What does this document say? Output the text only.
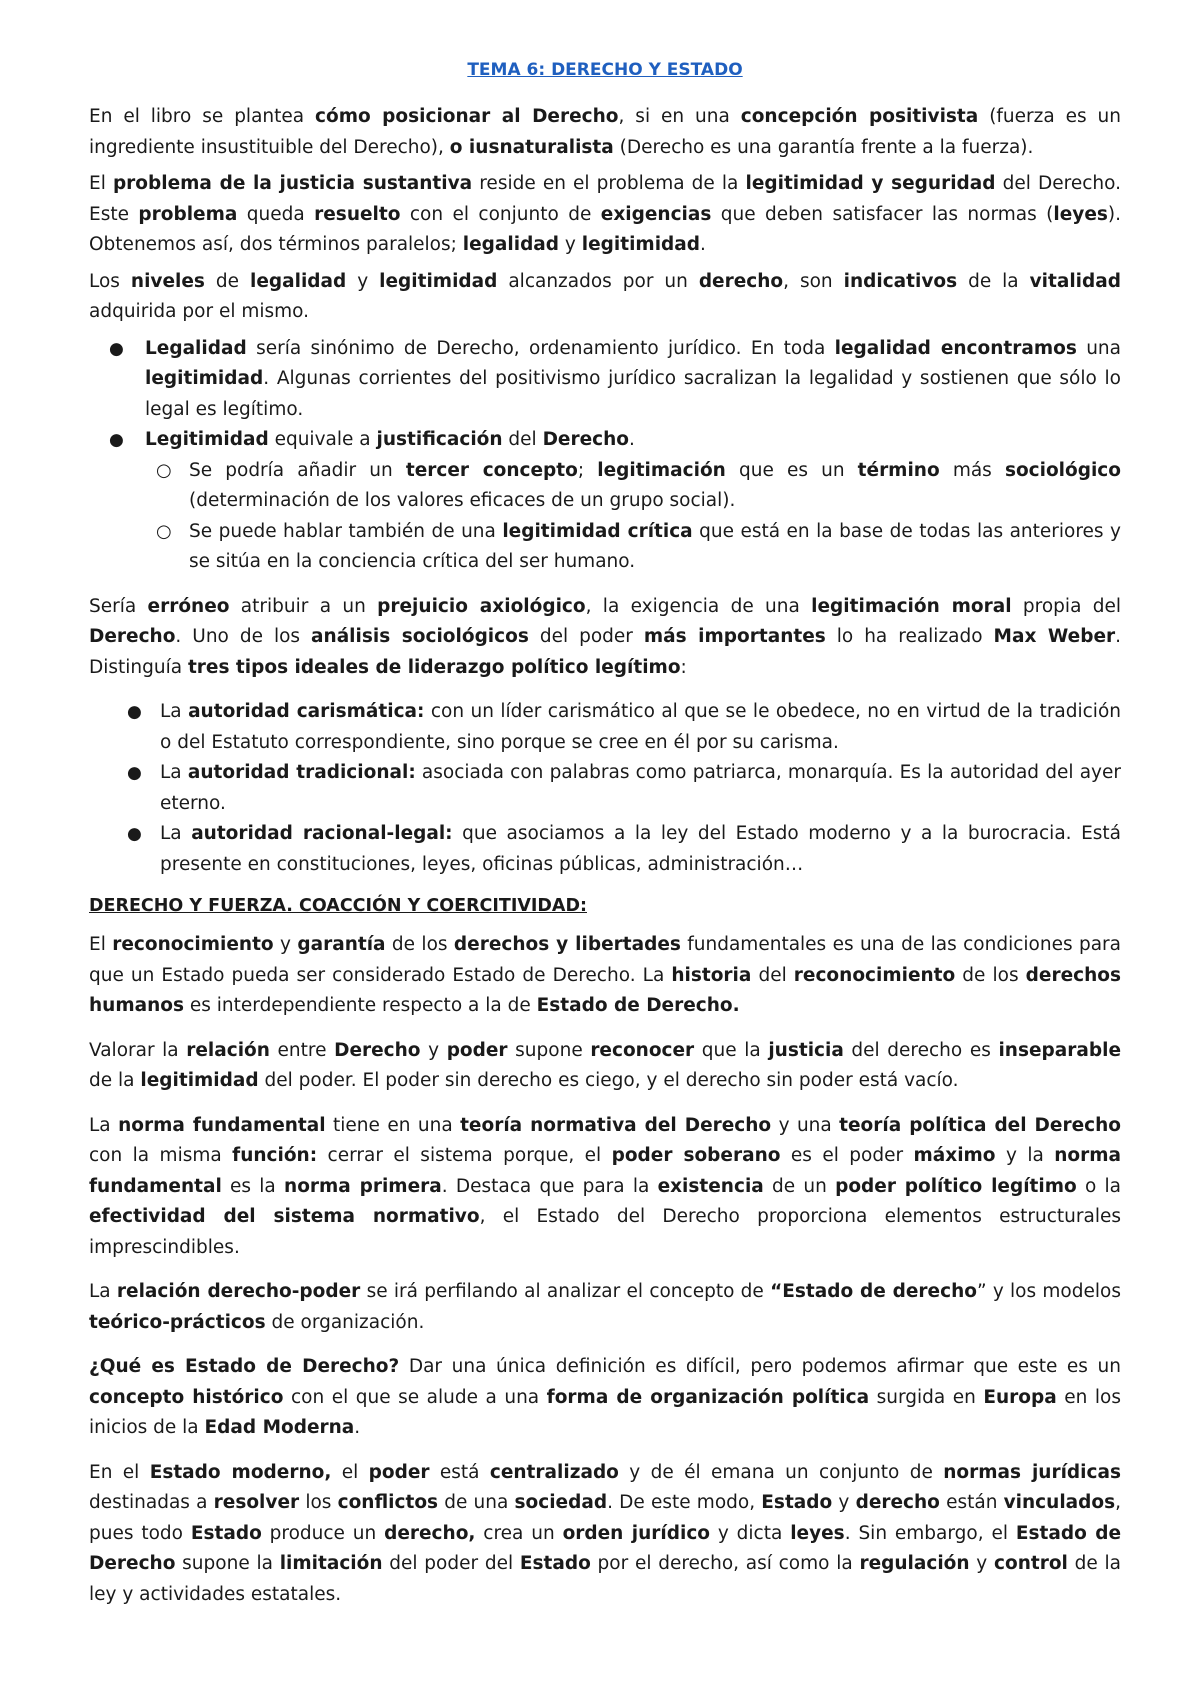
TEMA 6: DERECHO Y ESTADO

En el libro se plantea cómo posicionar al Derecho, si en una concepción positivista (fuerza es un ingrediente insustituible del Derecho), o iusnaturalista (Derecho es una garantía frente a la fuerza).

El problema de la justicia sustantiva reside en el problema de la legitimidad y seguridad del Derecho. Este problema queda resuelto con el conjunto de exigencias que deben satisfacer las normas (leyes). Obtenemos así, dos términos paralelos; legalidad y legitimidad.

Los niveles de legalidad y legitimidad alcanzados por un derecho, son indicativos de la vitalidad adquirida por el mismo.

● Legalidad sería sinónimo de Derecho, ordenamiento jurídico. En toda legalidad encontramos una legitimidad. Algunas corrientes del positivismo jurídico sacralizan la legalidad y sostienen que sólo lo legal es legítimo.
● Legitimidad equivale a justificación del Derecho.
○ Se podría añadir un tercer concepto; legitimación que es un término más sociológico (determinación de los valores eficaces de un grupo social).
○ Se puede hablar también de una legitimidad crítica que está en la base de todas las anteriores y se sitúa en la conciencia crítica del ser humano.

Sería erróneo atribuir a un prejuicio axiológico, la exigencia de una legitimación moral propia del Derecho. Uno de los análisis sociológicos del poder más importantes lo ha realizado Max Weber. Distinguía tres tipos ideales de liderazgo político legítimo:

● La autoridad carismática: con un líder carismático al que se le obedece, no en virtud de la tradición o del Estatuto correspondiente, sino porque se cree en él por su carisma.
● La autoridad tradicional: asociada con palabras como patriarca, monarquía. Es la autoridad del ayer eterno.
● La autoridad racional-legal: que asociamos a la ley del Estado moderno y a la burocracia. Está presente en constituciones, leyes, oficinas públicas, administración…
DERECHO Y FUERZA. COACCIÓN Y COERCITIVIDAD:

El reconocimiento y garantía de los derechos y libertades fundamentales es una de las condiciones para que un Estado pueda ser considerado Estado de Derecho. La historia del reconocimiento de los derechos humanos es interdependiente respecto a la de Estado de Derecho.

Valorar la relación entre Derecho y poder supone reconocer que la justicia del derecho es inseparable de la legitimidad del poder. El poder sin derecho es ciego, y el derecho sin poder está vacío.

La norma fundamental tiene en una teoría normativa del Derecho y una teoría política del Derecho con la misma función: cerrar el sistema porque, el poder soberano es el poder máximo y la norma fundamental es la norma primera. Destaca que para la existencia de un poder político legítimo o la efectividad del sistema normativo, el Estado del Derecho proporciona elementos estructurales imprescindibles.

La relación derecho-poder se irá perfilando al analizar el concepto de “Estado de derecho” y los modelos teórico-prácticos de organización.

¿Qué es Estado de Derecho? Dar una única definición es difícil, pero podemos afirmar que este es un concepto histórico con el que se alude a una forma de organización política surgida en Europa en los inicios de la Edad Moderna.

En el Estado moderno, el poder está centralizado y de él emana un conjunto de normas jurídicas destinadas a resolver los conflictos de una sociedad. De este modo, Estado y derecho están vinculados, pues todo Estado produce un derecho, crea un orden jurídico y dicta leyes. Sin embargo, el Estado de Derecho supone la limitación del poder del Estado por el derecho, así como la regulación y control de la ley y actividades estatales.
